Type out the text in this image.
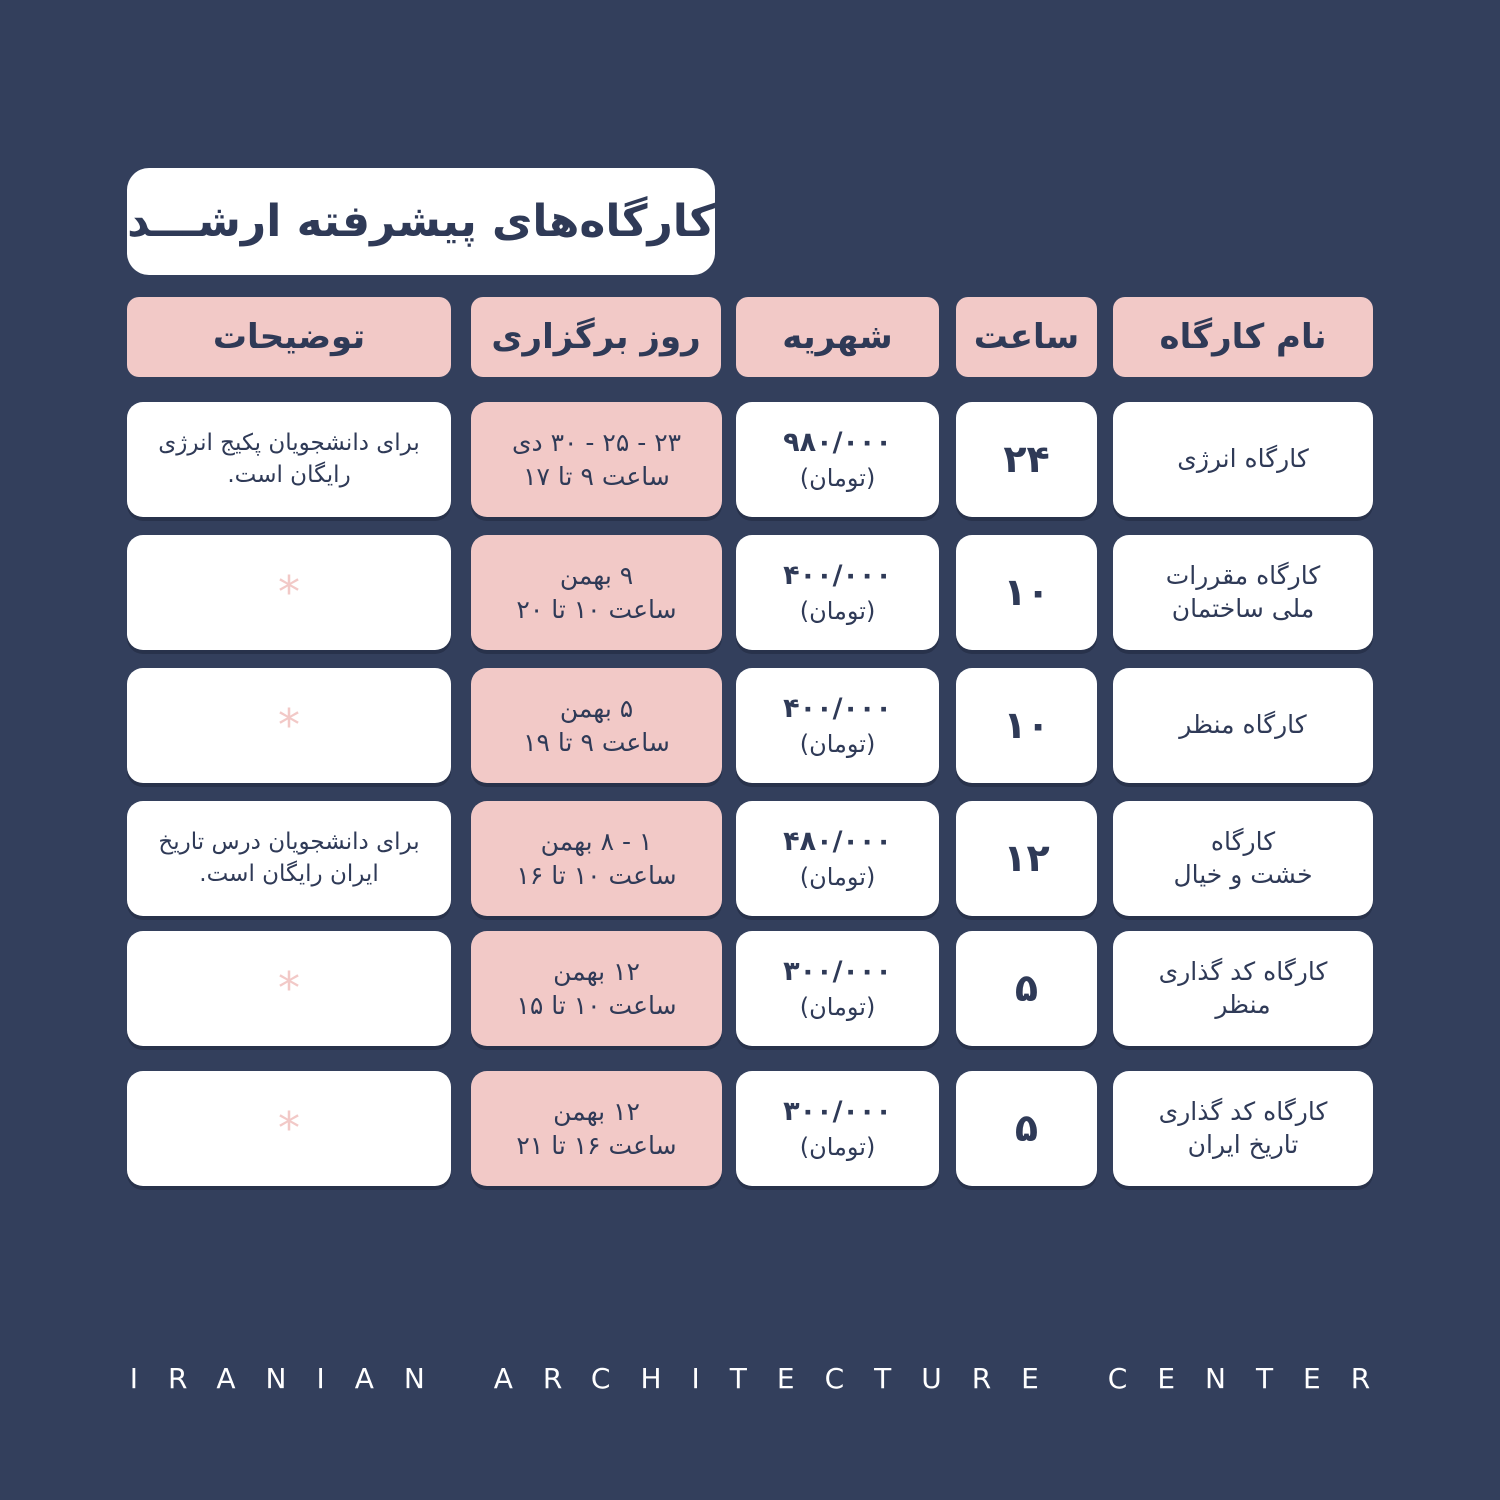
کارگاه‌های پیشرفته ارشـــد
نام کارگاه
ساعت
شهریه
روز برگزاری
توضیحات
کارگاه انرژی
۲۴
۹۸۰/۰۰۰
(تومان)
۲۳ - ۲۵ - ۳۰ دی
ساعت ۹ تا ۱۷
برای دانشجویان پکیج انرژی
رایگان است.
کارگاه مقررات
ملی ساختمان
۱۰
۴۰۰/۰۰۰
(تومان)
۹ بهمن
ساعت ۱۰ تا ۲۰
*
کارگاه منظر
۱۰
۴۰۰/۰۰۰
(تومان)
۵ بهمن
ساعت ۹ تا ۱۹
*
کارگاه
خشت و خیال
۱۲
۴۸۰/۰۰۰
(تومان)
۱ - ۸ بهمن
ساعت ۱۰ تا ۱۶
برای دانشجویان درس تاریخ
ایران رایگان است.
کارگاه کد گذاری
منظر
۵
۳۰۰/۰۰۰
(تومان)
۱۲ بهمن
ساعت ۱۰ تا ۱۵
*
کارگاه کد گذاری
تاریخ ایران
۵
۳۰۰/۰۰۰
(تومان)
۱۲ بهمن
ساعت ۱۶ تا ۲۱
*
IRANIAN ARCHITECTURE CENTER
